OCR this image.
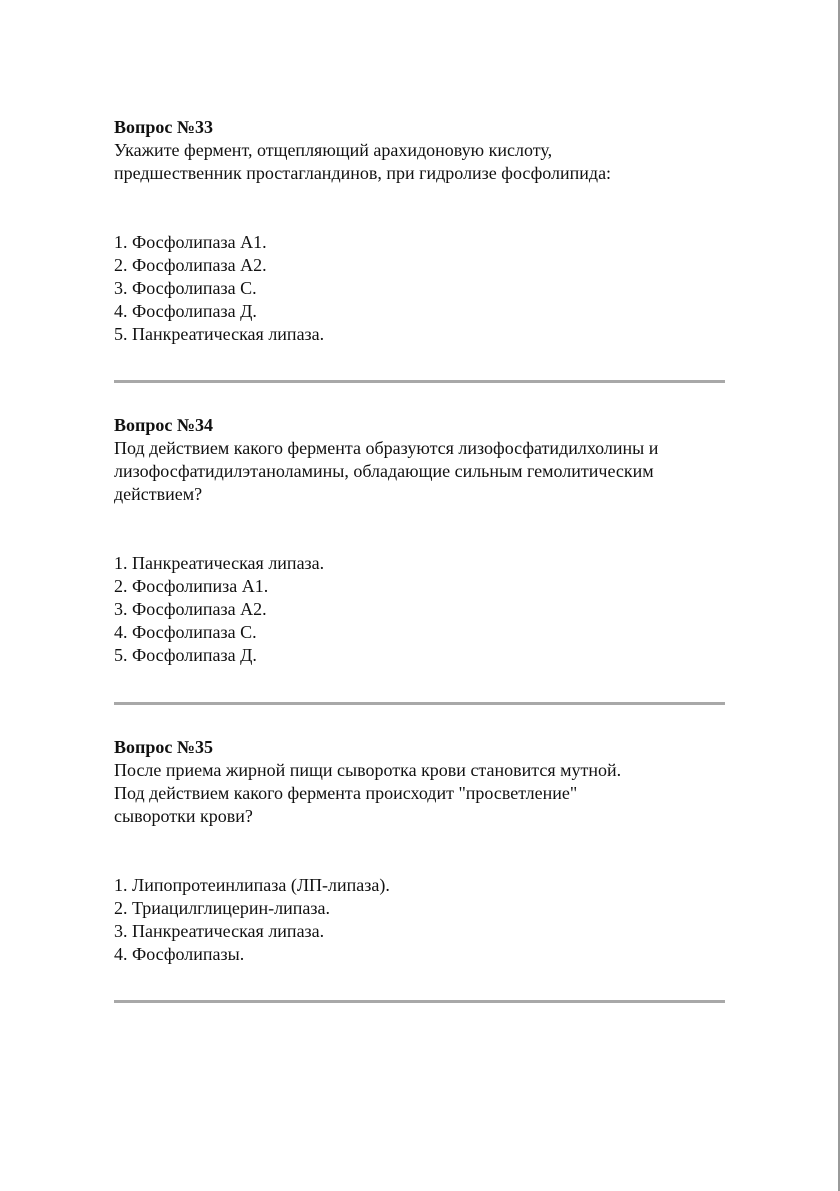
Вопрос №33

Укажите фермент, отщепляющий арахидоновую кислоту,
предшественник простагландинов, при гидролизе фосфолипида:

1. Фосфолипаза А1.
2. Фосфолипаза А2.
3. Фосфолипаза С.
4. Фосфолипаза Д.
5. Панкреатическая липаза.

Вопрос №34

Под действием какого фермента образуются лизофосфатидилхолины и
лизофосфатидилэтаноламины, обладающие сильным гемолитическим
действием?

1. Панкреатическая липаза.
2. Фосфолипиза А1.
3. Фосфолипаза А2.
4. Фосфолипаза С.
5. Фосфолипаза Д.

Вопрос №35

После приема жирной пищи сыворотка крови становится мутной.
Под действием какого фермента происходит "просветление"
сыворотки крови?

1. Липопротеинлипаза (ЛП-липаза).
2. Триацилглицерин-липаза.
3. Панкреатическая липаза.
4. Фосфолипазы.
